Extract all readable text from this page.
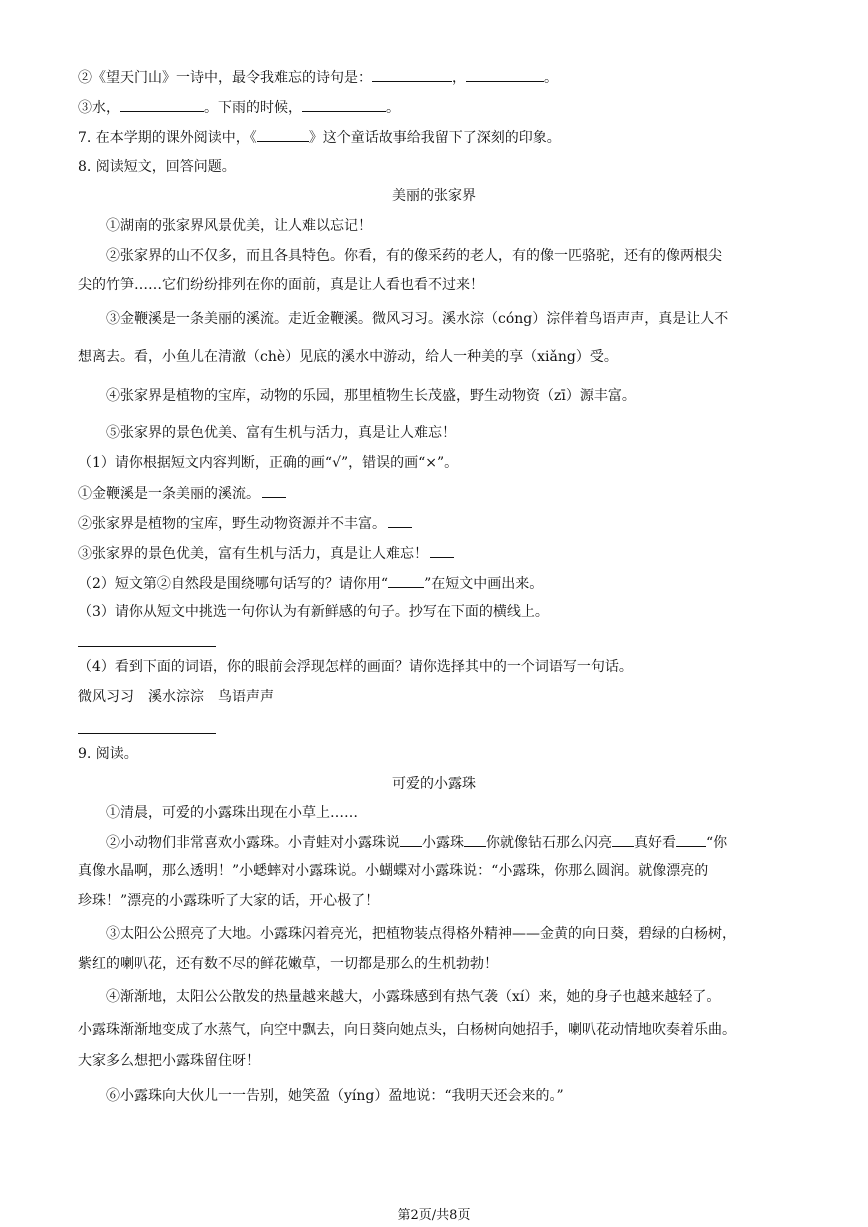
②《望天门山》一诗中，最令我难忘的诗句是：	，	。
③水，	。下雨的时候，	。
7. 在本学期的课外阅读中，《	》这个童话故事给我留下了深刻的印象。
8. 阅读短文，回答问题。
美丽的张家界
①湖南的张家界风景优美，让人难以忘记！
②张家界的山不仅多，而且各具特色。你看，有的像采药的老人，有的像一匹骆驼，还有的像两根尖
尖的竹笋……它们纷纷排列在你的面前，真是让人看也看不过来！
③金鞭溪是一条美丽的溪流。走近金鞭溪。微风习习。溪水淙（cóng）淙伴着鸟语声声，真是让人不
想离去。看，小鱼儿在清澈（chè）见底的溪水中游动，给人一种美的享（xiǎng）受。
④张家界是植物的宝库，动物的乐园，那里植物生长茂盛，野生动物资（zī）源丰富。
⑤张家界的景色优美、富有生机与活力，真是让人难忘！
（1）请你根据短文内容判断，正确的画“√”，错误的画“×”。
①金鞭溪是一条美丽的溪流。
②张家界是植物的宝库，野生动物资源并不丰富。
③张家界的景色优美，富有生机与活力，真是让人难忘！
（2）短文第②自然段是围绕哪句话写的？请你用“	”在短文中画出来。
（3）请你从短文中挑选一句你认为有新鲜感的句子。抄写在下面的横线上。
（4）看到下面的词语，你的眼前会浮现怎样的画面？请你选择其中的一个词语写一句话。
微风习习　溪水淙淙　鸟语声声
9. 阅读。
可爱的小露珠
①清晨，可爱的小露珠出现在小草上……
②小动物们非常喜欢小露珠。小青蛙对小露珠说 小露珠 你就像钻石那么闪亮 真好看 “你
真像水晶啊，那么透明！”小蟋蟀对小露珠说。小蝴蝶对小露珠说：“小露珠，你那么圆润。就像漂亮的
珍珠！”漂亮的小露珠听了大家的话，开心极了！
③太阳公公照亮了大地。小露珠闪着亮光，把植物装点得格外精神——金黄的向日葵，碧绿的白杨树，
紫红的喇叭花，还有数不尽的鲜花嫩草，一切都是那么的生机勃勃！
④渐渐地，太阳公公散发的热量越来越大，小露珠感到有热气袭（xí）来，她的身子也越来越轻了。
小露珠渐渐地变成了水蒸气，向空中飘去，向日葵向她点头，白杨树向她招手，喇叭花动情地吹奏着乐曲。
大家多么想把小露珠留住呀！
⑥小露珠向大伙儿一一告别，她笑盈（yíng）盈地说：“我明天还会来的。”
第2页/共8页
